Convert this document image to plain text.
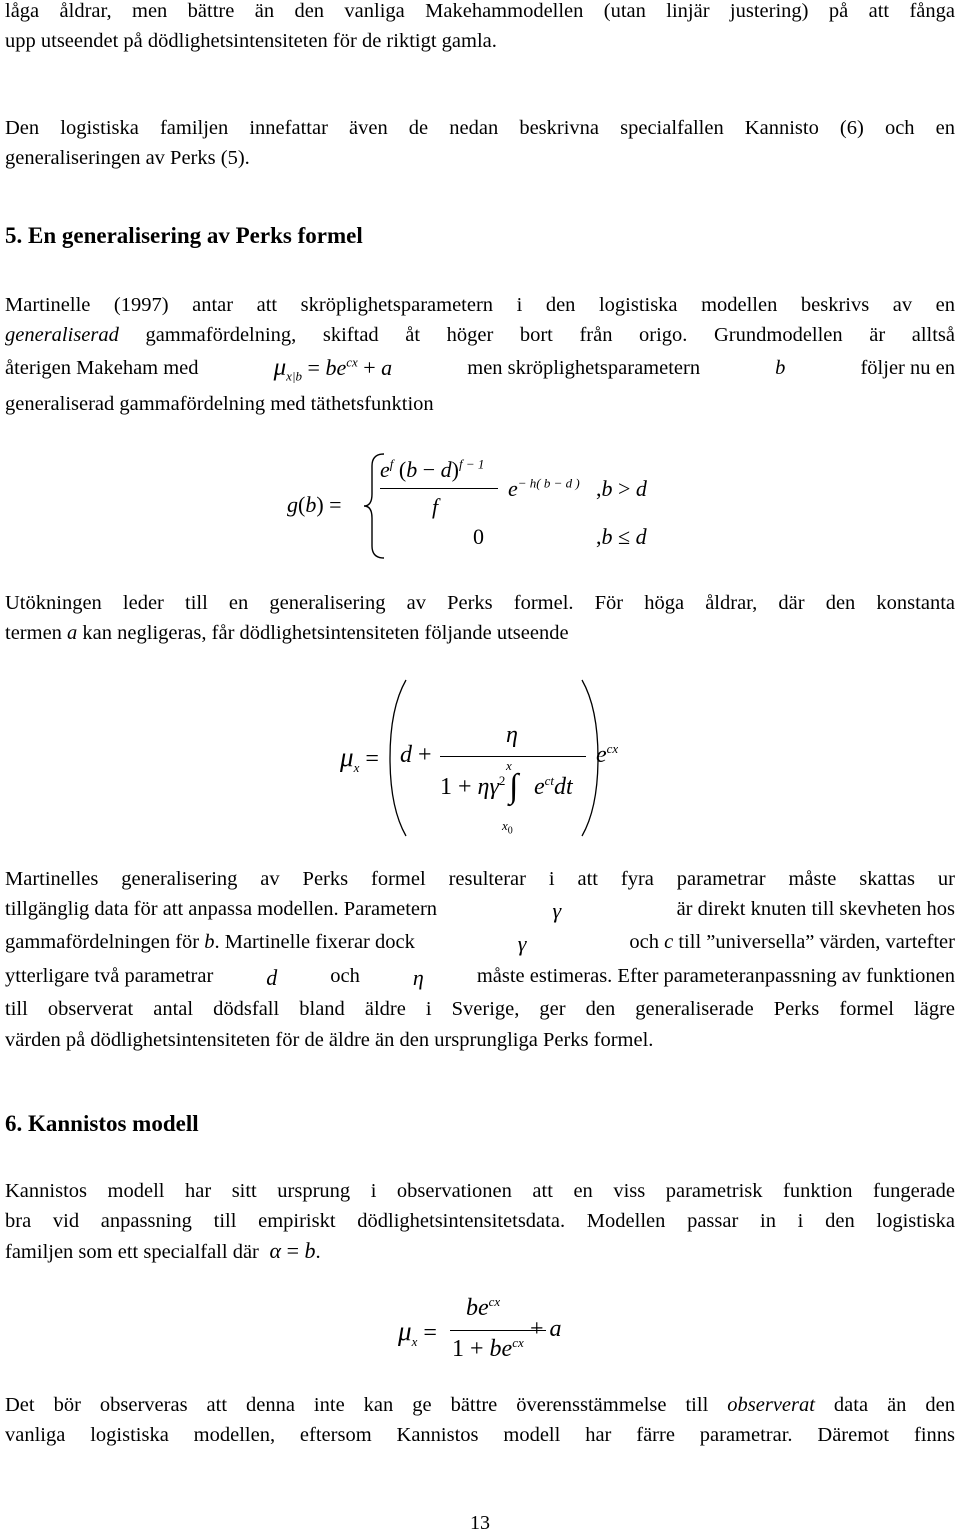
låga åldrar, men bättre än den vanliga Makehammodellen (utan linjär justering) på att fånga
upp utseendet på dödlighetsintensiteten för de riktigt gamla.

Den logistiska familjen innefattar även de nedan beskrivna specialfallen Kannisto (6) och en
generaliseringen av Perks (5).

5. En generalisering av Perks formel

Martinelle (1997) antar att skröplighetsparametern i den logistiska modellen beskrivs av en
generaliserad gammafördelning, skiftad åt höger bort från origo. Grundmodellen är alltså

återigen Makeham med	$\mu_{x|b} = be^{cx} + a$	men skröplighetsparametern	b	följer nu en
generaliserad gammafördelning med täthetsfunktion
g(b) =
$e^f$ $(b - d)^{f - 1}$
f
$e^{- h( b - d )}$ ,b > d
0	,b ≤ d

Utökningen leder till en generalisering av Perks formel. För höga åldrar, där den konstanta
termen a kan negligeras, får dödlighetsintensiteten följande utseende

$\mu_x = d$ +
η
x
$1 + \eta\gamma^2$ ∫ $e^{ct}dt$
$x_0$
$e^{cx}$
Martinelles generalisering av Perks formel resulterar i att fyra parametrar måste skattas ur
tillgänglig data för att anpassa modellen. Parametern	γ	är direkt knuten till skevheten hos
gammafördelningen för b. Martinelle fixerar dock	γ	och c till ”universella” värden, vartefter
ytterligare två parametrar d	och η	måste estimeras. Efter parameteranpassning av funktionen
till observerat antal dödsfall bland äldre i Sverige, ger den generaliserade Perks formel lägre
värden på dödlighetsintensiteten för de äldre än den ursprungliga Perks formel.
6. Kannistos modell

Kannistos modell har sitt ursprung i observationen att en viss parametrisk funktion fungerade
bra vid anpassning till empiriskt dödlighetsintensitetsdata. Modellen passar in i den logistiska

familjen som ett specialfall där α = b.
$\mu_x$ =
$be^{cx}$
$1 + be^{cx}$
+ a

Det bör observeras att denna inte kan ge bättre överensstämmelse till observerat data än den
vanliga logistiska modellen, eftersom Kannistos modell har färre parametrar. Däremot finns

13
